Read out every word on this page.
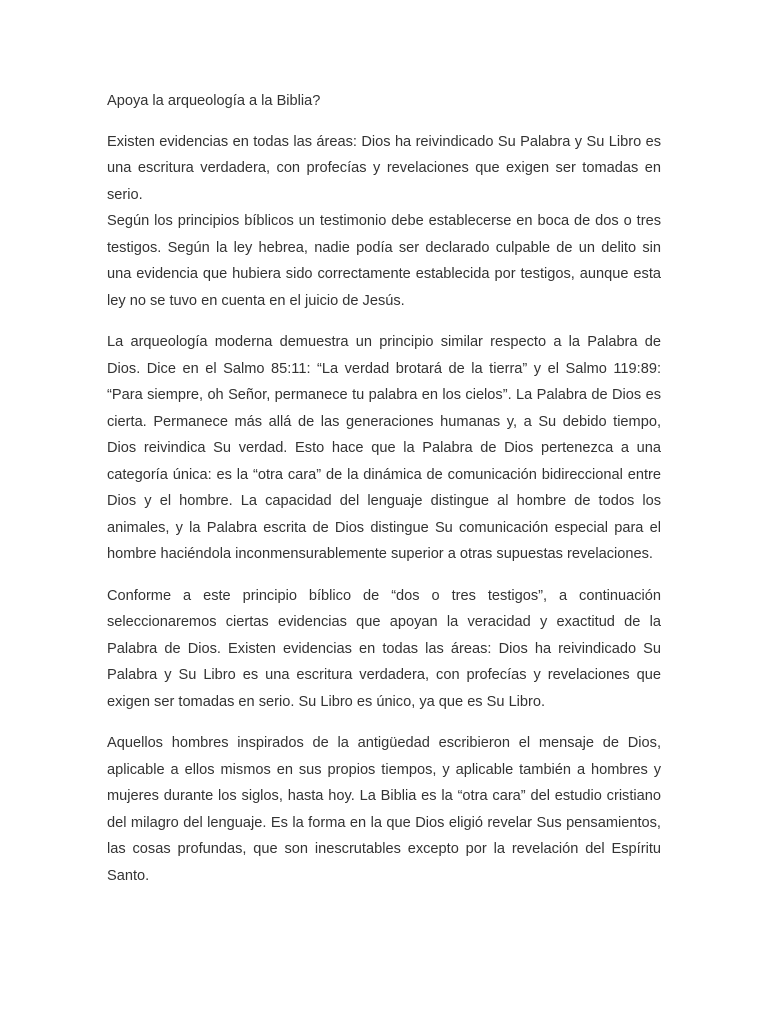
Apoya la arqueología a la Biblia?

Existen evidencias en todas las áreas: Dios ha reivindicado Su Palabra y Su Libro es una escritura verdadera, con profecías y revelaciones que exigen ser tomadas en serio.

Según los principios bíblicos un testimonio debe establecerse en boca de dos o tres testigos. Según la ley hebrea, nadie podía ser declarado culpable de un delito sin una evidencia que hubiera sido correctamente establecida por testigos, aunque esta ley no se tuvo en cuenta en el juicio de Jesús.

La arqueología moderna demuestra un principio similar respecto a la Palabra de Dios. Dice en el Salmo 85:11: “La verdad brotará de la tierra” y el Salmo 119:89: “Para siempre, oh Señor, permanece tu palabra en los cielos”. La Palabra de Dios es cierta. Permanece más allá de las generaciones humanas y, a Su debido tiempo, Dios reivindica Su verdad. Esto hace que la Palabra de Dios pertenezca a una categoría única: es la “otra cara” de la dinámica de comunicación bidireccional entre Dios y el hombre. La capacidad del lenguaje distingue al hombre de todos los animales, y la Palabra escrita de Dios distingue Su comunicación especial para el hombre haciéndola inconmensurablemente superior a otras supuestas revelaciones.

Conforme a este principio bíblico de “dos o tres testigos”, a continuación seleccionaremos ciertas evidencias que apoyan la veracidad y exactitud de la Palabra de Dios. Existen evidencias en todas las áreas: Dios ha reivindicado Su Palabra y Su Libro es una escritura verdadera, con profecías y revelaciones que exigen ser tomadas en serio. Su Libro es único, ya que es Su Libro.

Aquellos hombres inspirados de la antigüedad escribieron el mensaje de Dios, aplicable a ellos mismos en sus propios tiempos, y aplicable también a hombres y mujeres durante los siglos, hasta hoy. La Biblia es la “otra cara” del estudio cristiano del milagro del lenguaje. Es la forma en la que Dios eligió revelar Sus pensamientos, las cosas profundas, que son inescrutables excepto por la revelación del Espíritu Santo.
